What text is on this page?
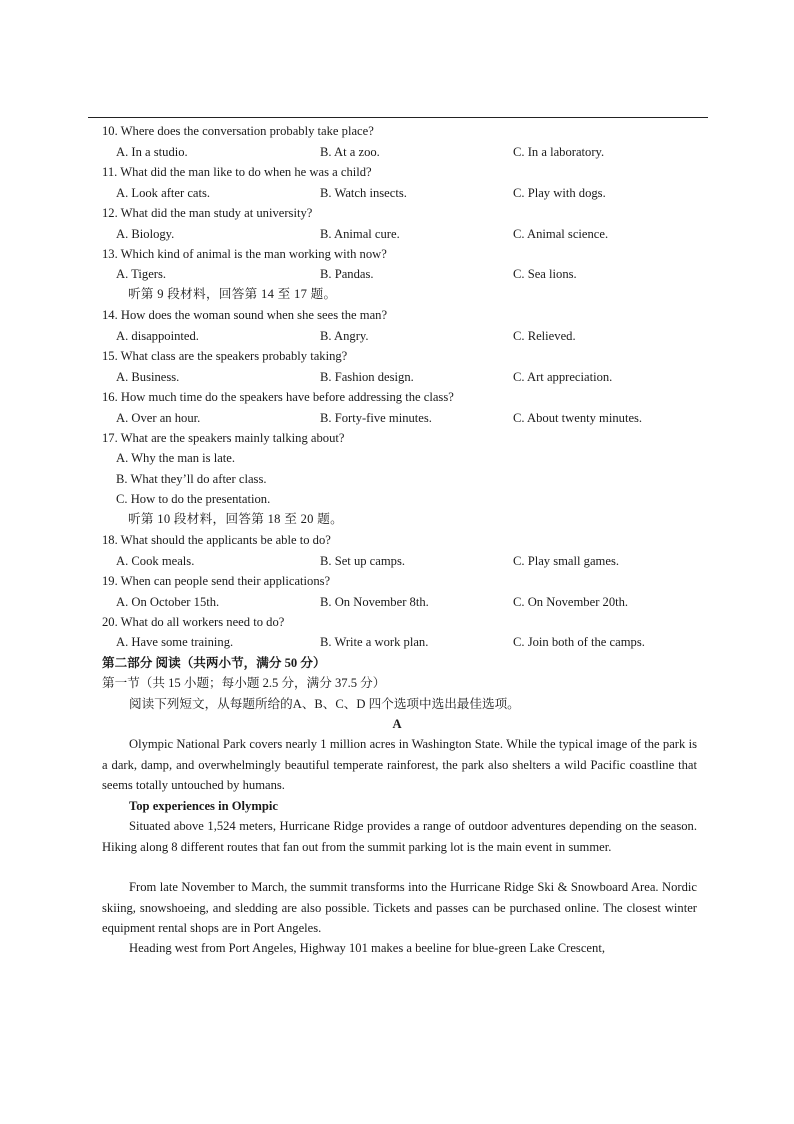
10. Where does the conversation probably take place?
A. In a studio.	B. At a zoo.	C. In a laboratory.
11. What did the man like to do when he was a child?
A. Look after cats.	B. Watch insects.	C. Play with dogs.
12. What did the man study at university?
A. Biology.	B. Animal cure.	C. Animal science.
13. Which kind of animal is the man working with now?
A. Tigers.	B. Pandas.	C. Sea lions.
听第 9 段材料，回答第 14 至 17 题。
14. How does the woman sound when she sees the man?
A. disappointed.	B. Angry.	C. Relieved.
15. What class are the speakers probably taking?
A. Business.	B. Fashion design.	C. Art appreciation.
16. How much time do the speakers have before addressing the class?
A. Over an hour.	B. Forty-five minutes.	C. About twenty minutes.
17. What are the speakers mainly talking about?
A. Why the man is late.
B. What they’ll do after class.
C. How to do the presentation.
听第 10 段材料，回答第 18 至 20 题。
18. What should the applicants be able to do?
A. Cook meals.	B. Set up camps.	C. Play small games.
19. When can people send their applications?
A. On October 15th.	B. On November 8th.	C. On November 20th.
20. What do all workers need to do?
A. Have some training.	B. Write a work plan.	C. Join both of the camps.
第二部分 阅读（共两小节，满分 50 分）
第一节（共 15 小题；每小题 2.5 分，满分 37.5 分）
阅读下列短文，从每题所给的A、B、C、D 四个选项中选出最佳选项。
A
Olympic National Park covers nearly 1 million acres in Washington State. While the typical image of the park is a dark, damp, and overwhelmingly beautiful temperate rainforest, the park also shelters a wild Pacific coastline that seems totally untouched by humans.
Top experiences in Olympic
Situated above 1,524 meters, Hurricane Ridge provides a range of outdoor adventures depending on the season. Hiking along 8 different routes that fan out from the summit parking lot is the main event in summer.
From late November to March, the summit transforms into the Hurricane Ridge Ski & Snowboard Area. Nordic skiing, snowshoeing, and sledding are also possible. Tickets and passes can be purchased online. The closest winter equipment rental shops are in Port Angeles.
Heading west from Port Angeles, Highway 101 makes a beeline for blue-green Lake Crescent,
